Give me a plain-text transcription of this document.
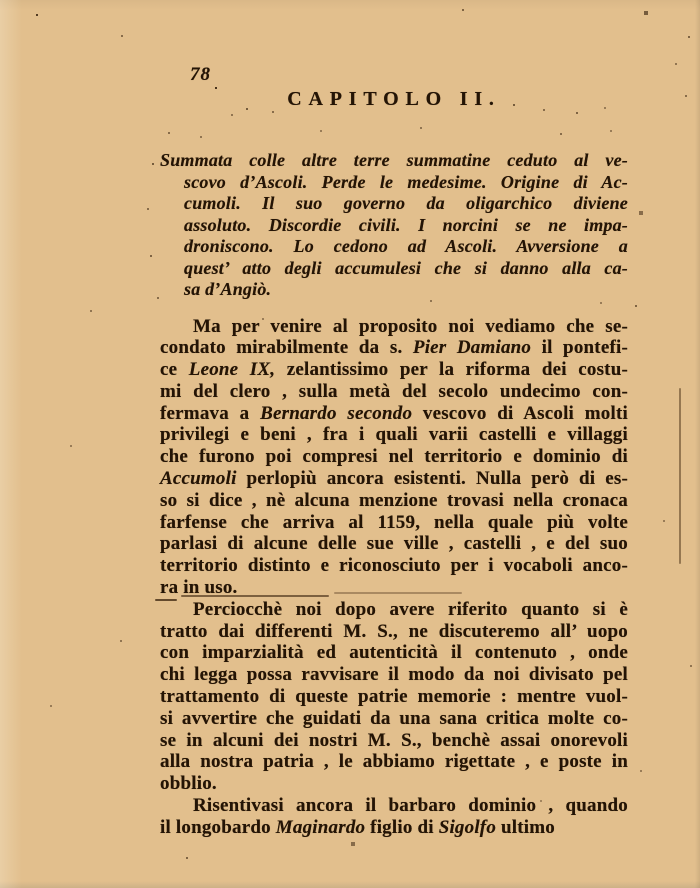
78
CAPITOLO II.
Summata colle altre terre summatine ceduto al ve-
scovo d’Ascoli. Perde le medesime. Origine di Ac-
cumoli. Il suo governo da oligarchico diviene
assoluto. Discordie civili. I norcini se ne impa-
droniscono. Lo cedono ad Ascoli. Avversione a
quest’ atto degli accumulesi che si danno alla ca-
sa d’Angiò.
Ma per venire al proposito noi vediamo che se-
condato mirabilmente da s. Pier Damiano il pontefi-
ce Leone IX, zelantissimo per la riforma dei costu-
mi del clero , sulla metà del secolo undecimo con-
fermava a Bernardo secondo vescovo di Ascoli molti
privilegi e beni , fra i quali varii castelli e villaggi
che furono poi compresi nel territorio e dominio di
Accumoli perlopiù ancora esistenti. Nulla però di es-
so si dice , nè alcuna menzione trovasi nella cronaca
farfense che arriva al 1159, nella quale più volte
parlasi di alcune delle sue ville , castelli , e del suo
territorio distinto e riconosciuto per i vocaboli anco-
ra in uso.
Perciocchè noi dopo avere riferito quanto si è
tratto dai differenti M. S., ne discuteremo all’ uopo
con imparzialità ed autenticità il contenuto , onde
chi legga possa ravvisare il modo da noi divisato pel
trattamento di queste patrie memorie : mentre vuol-
si avvertire che guidati da una sana critica molte co-
se in alcuni dei nostri M. S., benchè assai onorevoli
alla nostra patria , le abbiamo rigettate , e poste in
obblio.
Risentivasi ancora il barbaro dominio , quando
il longobardo Maginardo figlio di Sigolfo ultimo
